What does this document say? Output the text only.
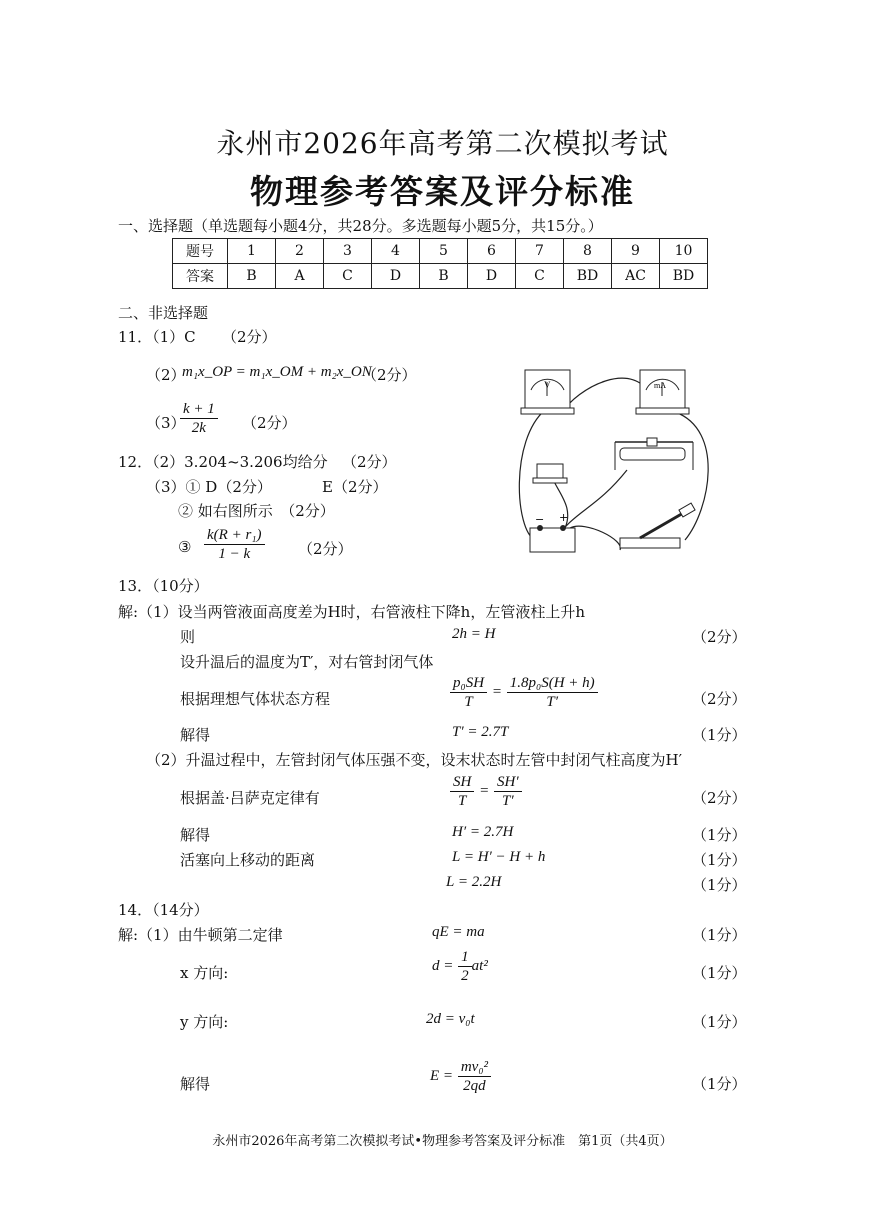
永州市2026年高考第二次模拟考试
物理参考答案及评分标准
一、选择题（单选题每小题4分，共28分。多选题每小题5分，共15分。）
题号	1	2	3	4	5	6	7	8	9	10
答案	B	A	C	D	B	D	C	BD	AC	BD
二、非选择题
11．（1）C （2分）
（2）
m₁x_OP = m₁x_OM + m₂x_ON
（2分）
（3）
$\frac{k + 1}{2k} (2$分）
12．（2）3.204~3.206均给分 （2分）
（3）① D（2分）	E（2分）
② 如右图所示　（2分）
③ $\frac{\text{k(R + r₁)}}{1 - k} (2$分）
V	mA
− +
13．（10分）
解:（1）设当两管液面高度差为H时，右管液柱下降h，左管液柱上升h
则	2h = H	（2分）
设升温后的温度为T′，对右管封闭气体
根据理想气体状态方程	$\frac{\text{p₀SH}}{T} = \frac{\text{1.8p₀S(H + h)}}{T'}$	（2分）
解得	T′ = 2.7T	（1分）
（2）升温过程中，左管封闭气体压强不变，设末状态时左管中封闭气柱高度为H′
根据盖·吕萨克定律有	$\frac{SH}{T} = \frac{SH'}{T'}$	（2分）
解得	H′ = 2.7H	（1分）
活塞向上移动的距离	L = H′ − H + h	（1分）
L = 2.2H	（1分）
14．（14分）
解:（1）由牛顿第二定律	qE = ma	（1分）
x 方向:	$d = \frac{1}{2} at^2$	（1分）
y 方向:	2d = v₀t	（1分）
解得	$E = \frac{\text{mv₀²}}{2qd}$	（1分）
永州市2026年高考第二次模拟考试•物理参考答案及评分标准　第1页（共4页）
